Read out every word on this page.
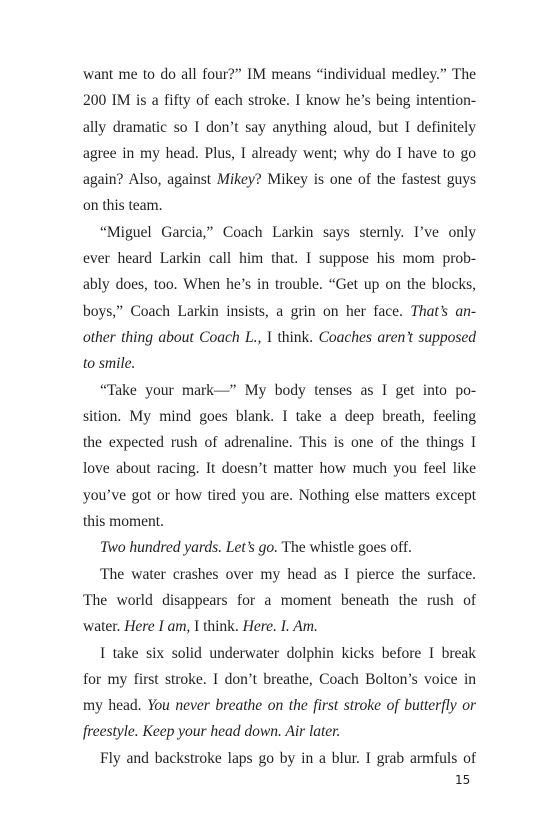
want me to do all four?” IM means “individual medley.” The
200 IM is a fifty of each stroke. I know he’s being intention-
ally dramatic so I don’t say anything aloud, but I definitely
agree in my head. Plus, I already went; why do I have to go
again? Also, against Mikey? Mikey is one of the fastest guys
on this team.
“Miguel Garcia,” Coach Larkin says sternly. I’ve only
ever heard Larkin call him that. I suppose his mom prob-
ably does, too. When he’s in trouble. “Get up on the blocks,
boys,” Coach Larkin insists, a grin on her face. That’s an-
other thing about Coach L., I think. Coaches aren’t supposed
to smile.
“Take your mark—” My body tenses as I get into po-
sition. My mind goes blank. I take a deep breath, feeling
the expected rush of adrenaline. This is one of the things I
love about racing. It doesn’t matter how much you feel like
you’ve got or how tired you are. Nothing else matters except
this moment.
Two hundred yards. Let’s go. The whistle goes off.
The water crashes over my head as I pierce the surface.
The world disappears for a moment beneath the rush of
water. Here I am, I think. Here. I. Am.
I take six solid underwater dolphin kicks before I break
for my first stroke. I don’t breathe, Coach Bolton’s voice in
my head. You never breathe on the first stroke of butterfly or
freestyle. Keep your head down. Air later.
Fly and backstroke laps go by in a blur. I grab armfuls of
15
